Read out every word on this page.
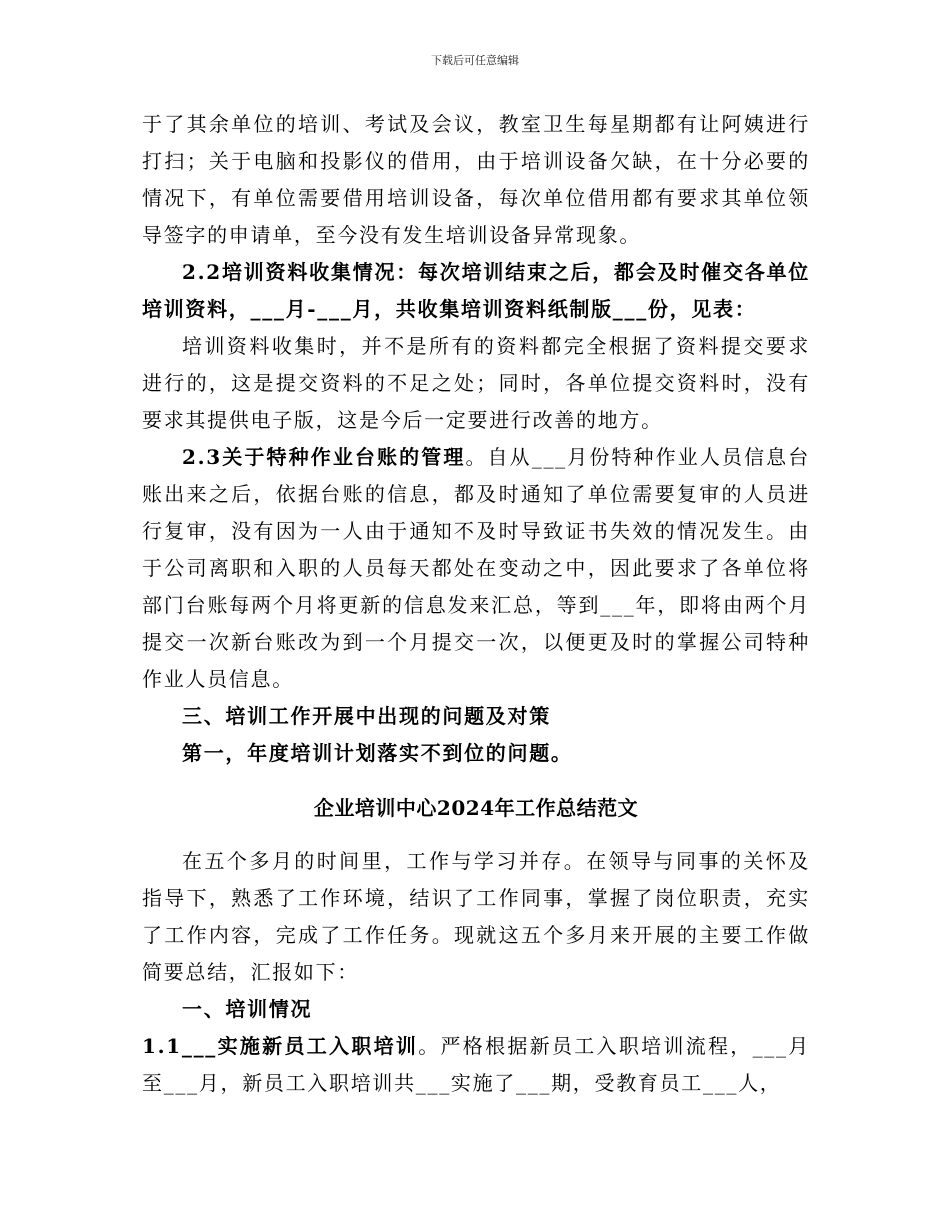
下载后可任意编辑

于了其余单位的培训、考试及会议，教室卫生每星期都有让阿姨进行打扫；关于电脑和投影仪的借用，由于培训设备欠缺，在十分必要的情况下，有单位需要借用培训设备，每次单位借用都有要求其单位领导签字的申请单，至今没有发生培训设备异常现象。

2.2培训资料收集情况：每次培训结束之后，都会及时催交各单位培训资料，___月-___月，共收集培训资料纸制版___份，见表：

培训资料收集时，并不是所有的资料都完全根据了资料提交要求进行的，这是提交资料的不足之处；同时，各单位提交资料时，没有要求其提供电子版，这是今后一定要进行改善的地方。

2.3关于特种作业台账的管理。自从___月份特种作业人员信息台账出来之后，依据台账的信息，都及时通知了单位需要复审的人员进行复审，没有因为一人由于通知不及时导致证书失效的情况发生。由于公司离职和入职的人员每天都处在变动之中，因此要求了各单位将部门台账每两个月将更新的信息发来汇总，等到___年，即将由两个月提交一次新台账改为到一个月提交一次，以便更及时的掌握公司特种作业人员信息。

三、培训工作开展中出现的问题及对策

第一，年度培训计划落实不到位的问题。

企业培训中心2024年工作总结范文

在五个多月的时间里，工作与学习并存。在领导与同事的关怀及指导下，熟悉了工作环境，结识了工作同事，掌握了岗位职责，充实了工作内容，完成了工作任务。现就这五个多月来开展的主要工作做简要总结，汇报如下：

一、培训情况

1.1___实施新员工入职培训。严格根据新员工入职培训流程，___月至___月，新员工入职培训共___实施了___期，受教育员工___人，
